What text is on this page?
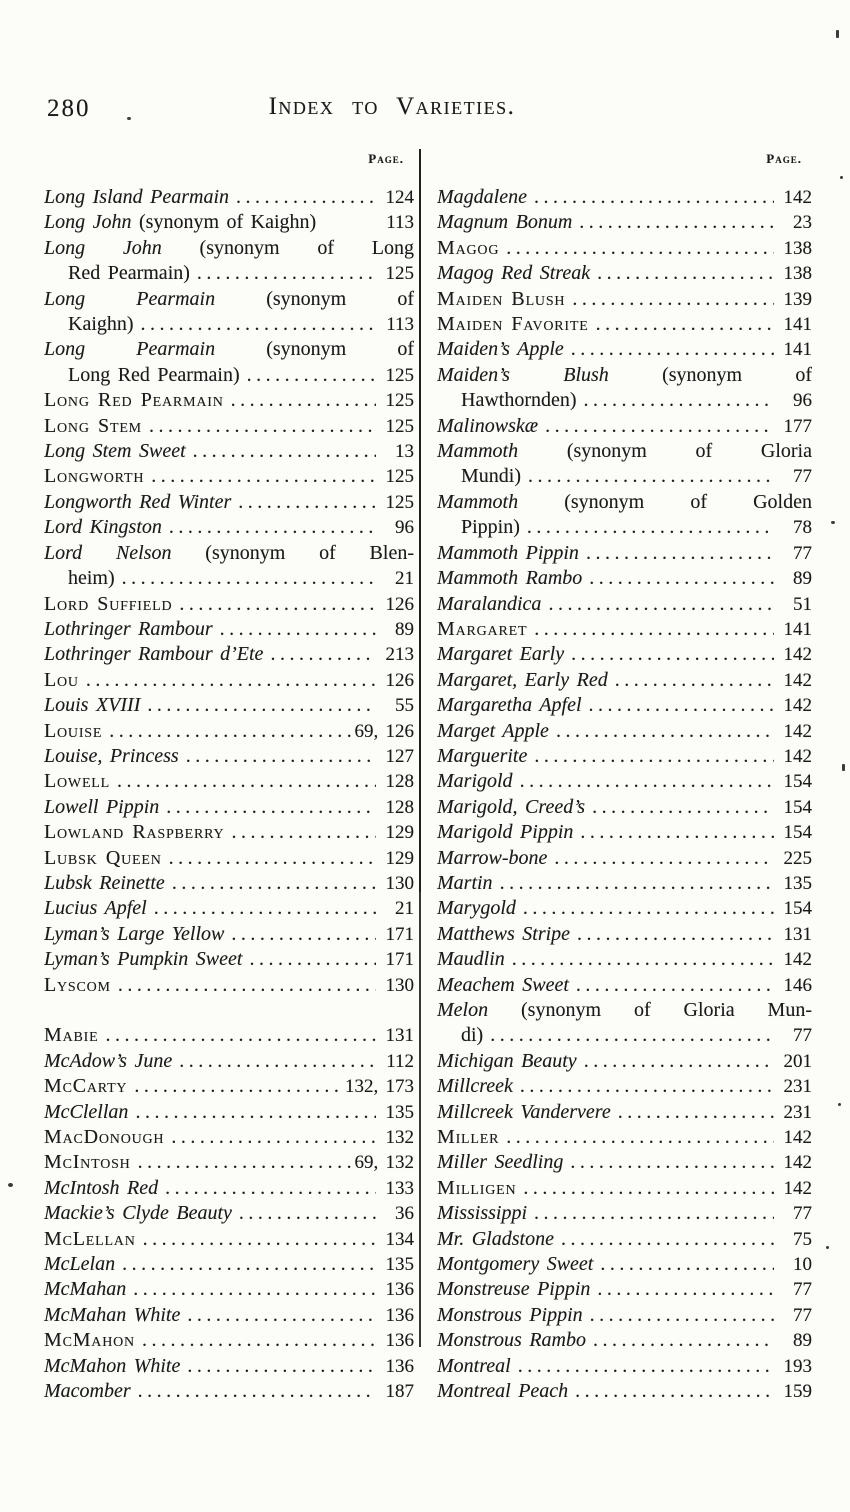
280	Index to Varieties.
Page.	Page.
Long Island Pearmain .....	124
Long John (synonym of Kaighn)	113
Long John (synonym of Long
Red Pearmain) .....	125
Long Pearmain (synonym of
Kaighn) .....	113
Long Pearmain (synonym of
Long Red Pearmain) .....	125
Long Red Pearmain .....	125
Long Stem .....	125
Long Stem Sweet .....	13
Longworth .....	125
Longworth Red Winter .....	125
Lord Kingston .....	96
Lord Nelson (synonym of Blen-
heim) .....	21
Lord Suffield .....	126
Lothringer Rambour .....	89
Lothringer Rambour d’Ete .....	213
Lou .....	126
Louis XVIII .....	55
Louise .....	69, 126
Louise, Princess .....	127
Lowell .....	128
Lowell Pippin .....	128
Lowland Raspberry .....	129
Lubsk Queen .....	129
Lubsk Reinette .....	130
Lucius Apfel .....	21
Lyman’s Large Yellow .....	171
Lyman’s Pumpkin Sweet .....	171
Lyscom .....	130
Mabie .....	131
McAdow’s June .....	112
McCarty .....	132, 173
McClellan .....	135
MacDonough .....	132
McIntosh .....	69, 132
McIntosh Red .....	133
Mackie’s Clyde Beauty .....	36
McLellan .....	134
McLelan .....	135
McMahan .....	136
McMahan White .....	136
McMahon .....	136
McMahon White .....	136
Macomber .....	187
Magdalene .....	142
Magnum Bonum .....	23
Magog .....	138
Magog Red Streak .....	138
Maiden Blush .....	139
Maiden Favorite .....	141
Maiden’s Apple .....	141
Maiden’s Blush (synonym of
Hawthornden) .....	96
Malinowskæ .....	177
Mammoth (synonym of Gloria
Mundi) .....	77
Mammoth (synonym of Golden
Pippin) .....	78
Mammoth Pippin .....	77
Mammoth Rambo .....	89
Maralandica .....	51
Margaret .....	141
Margaret Early .....	142
Margaret, Early Red .....	142
Margaretha Apfel .....	142
Marget Apple .....	142
Marguerite .....	142
Marigold .....	154
Marigold, Creed’s .....	154
Marigold Pippin .....	154
Marrow-bone .....	225
Martin .....	135
Marygold .....	154
Matthews Stripe .....	131
Maudlin .....	142
Meachem Sweet .....	146
Melon (synonym of Gloria Mun-
di) .....	77
Michigan Beauty .....	201
Millcreek .....	231
Millcreek Vandervere .....	231
Miller .....	142
Miller Seedling .....	142
Milligen .....	142
Mississippi .....	77
Mr. Gladstone .....	75
Montgomery Sweet .....	10
Monstreuse Pippin .....	77
Monstrous Pippin .....	77
Monstrous Rambo .....	89
Montreal .....	193
Montreal Peach .....	159
